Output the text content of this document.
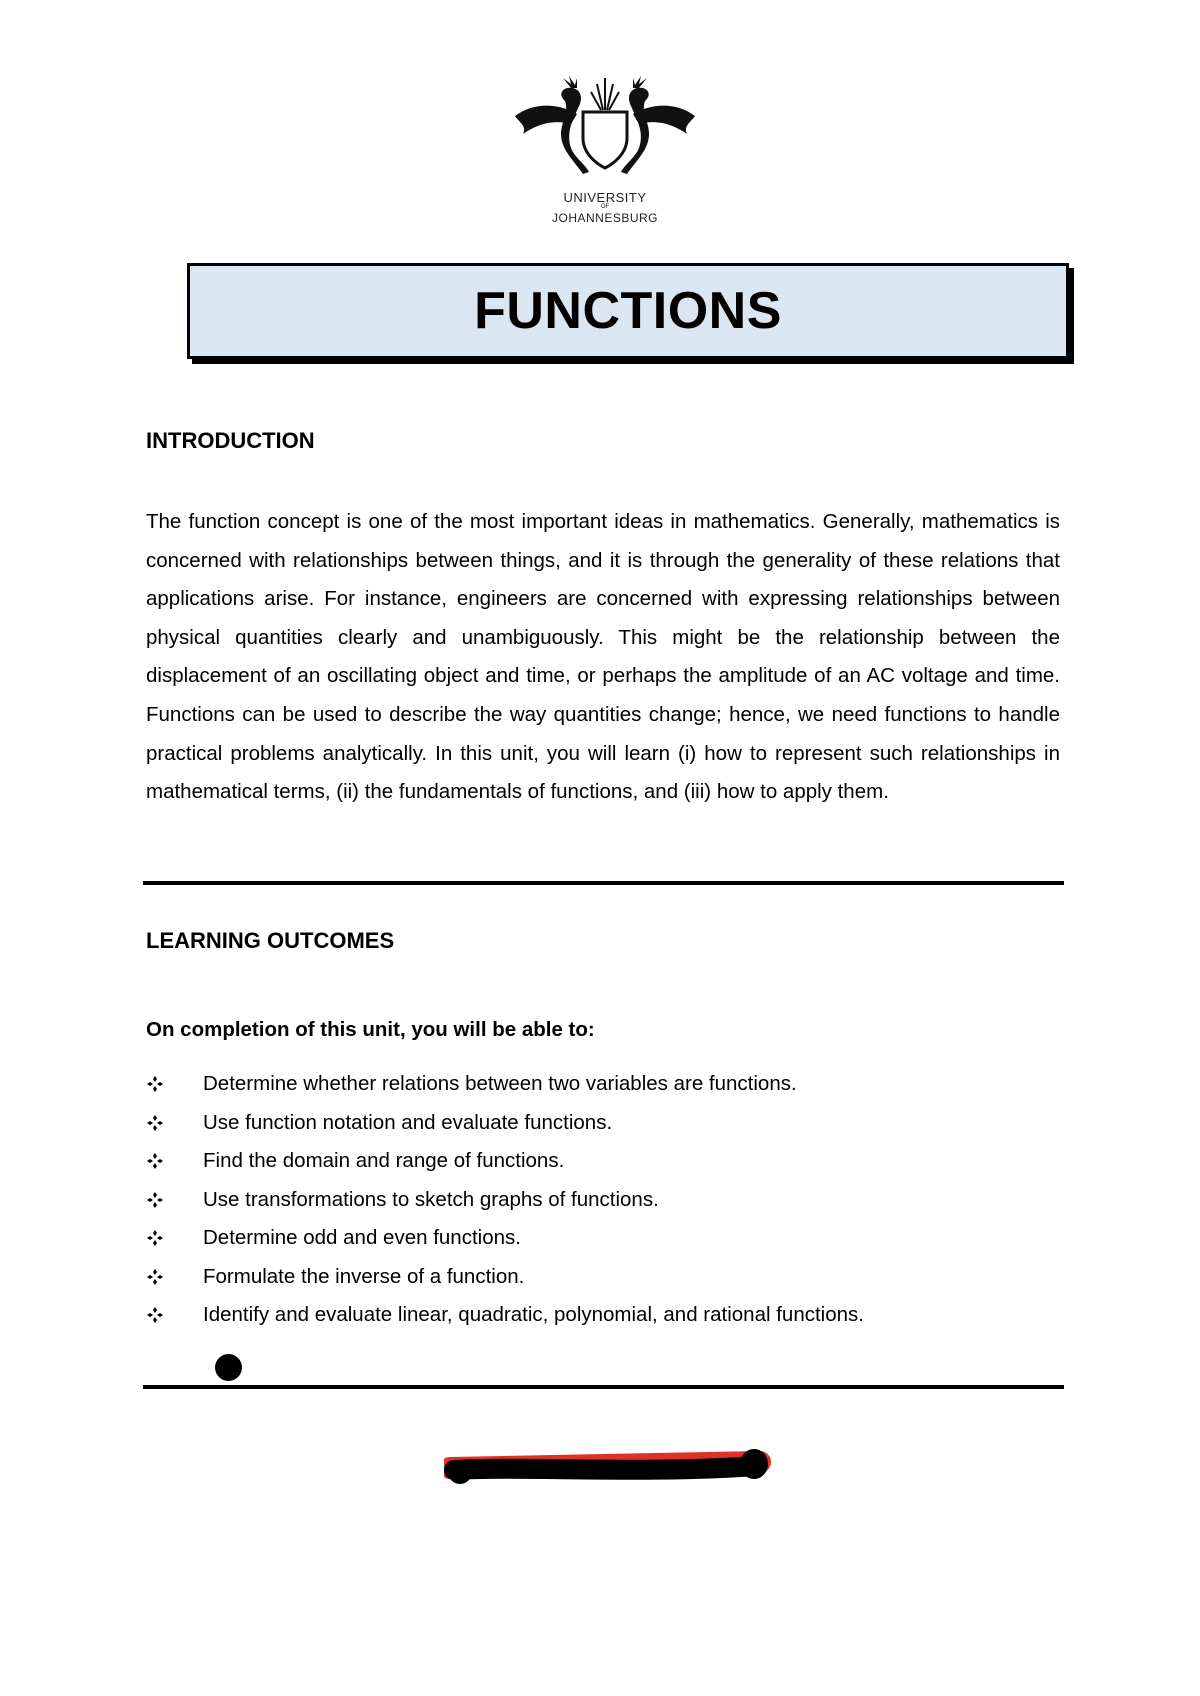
UNIVERSITY
OF
JOHANNESBURG
FUNCTIONS
INTRODUCTION

The function concept is one of the most important ideas in mathematics. Generally, mathematics is concerned with relationships between things, and it is through the generality of these relations that applications arise. For instance, engineers are concerned with expressing relationships between physical quantities clearly and unambiguously. This might be the relationship between the displacement of an oscillating object and time, or perhaps the amplitude of an AC voltage and time. Functions can be used to describe the way quantities change; hence, we need functions to handle practical problems analytically. In this unit, you will learn (i) how to represent such relationships in mathematical terms, (ii) the fundamentals of functions, and (iii) how to apply them.

LEARNING OUTCOMES

On completion of this unit, you will be able to:

Determine whether relations between two variables are functions.
Use function notation and evaluate functions.
Find the domain and range of functions.
Use transformations to sketch graphs of functions.
Determine odd and even functions.
Formulate the inverse of a function.
Identify and evaluate linear, quadratic, polynomial, and rational functions.
